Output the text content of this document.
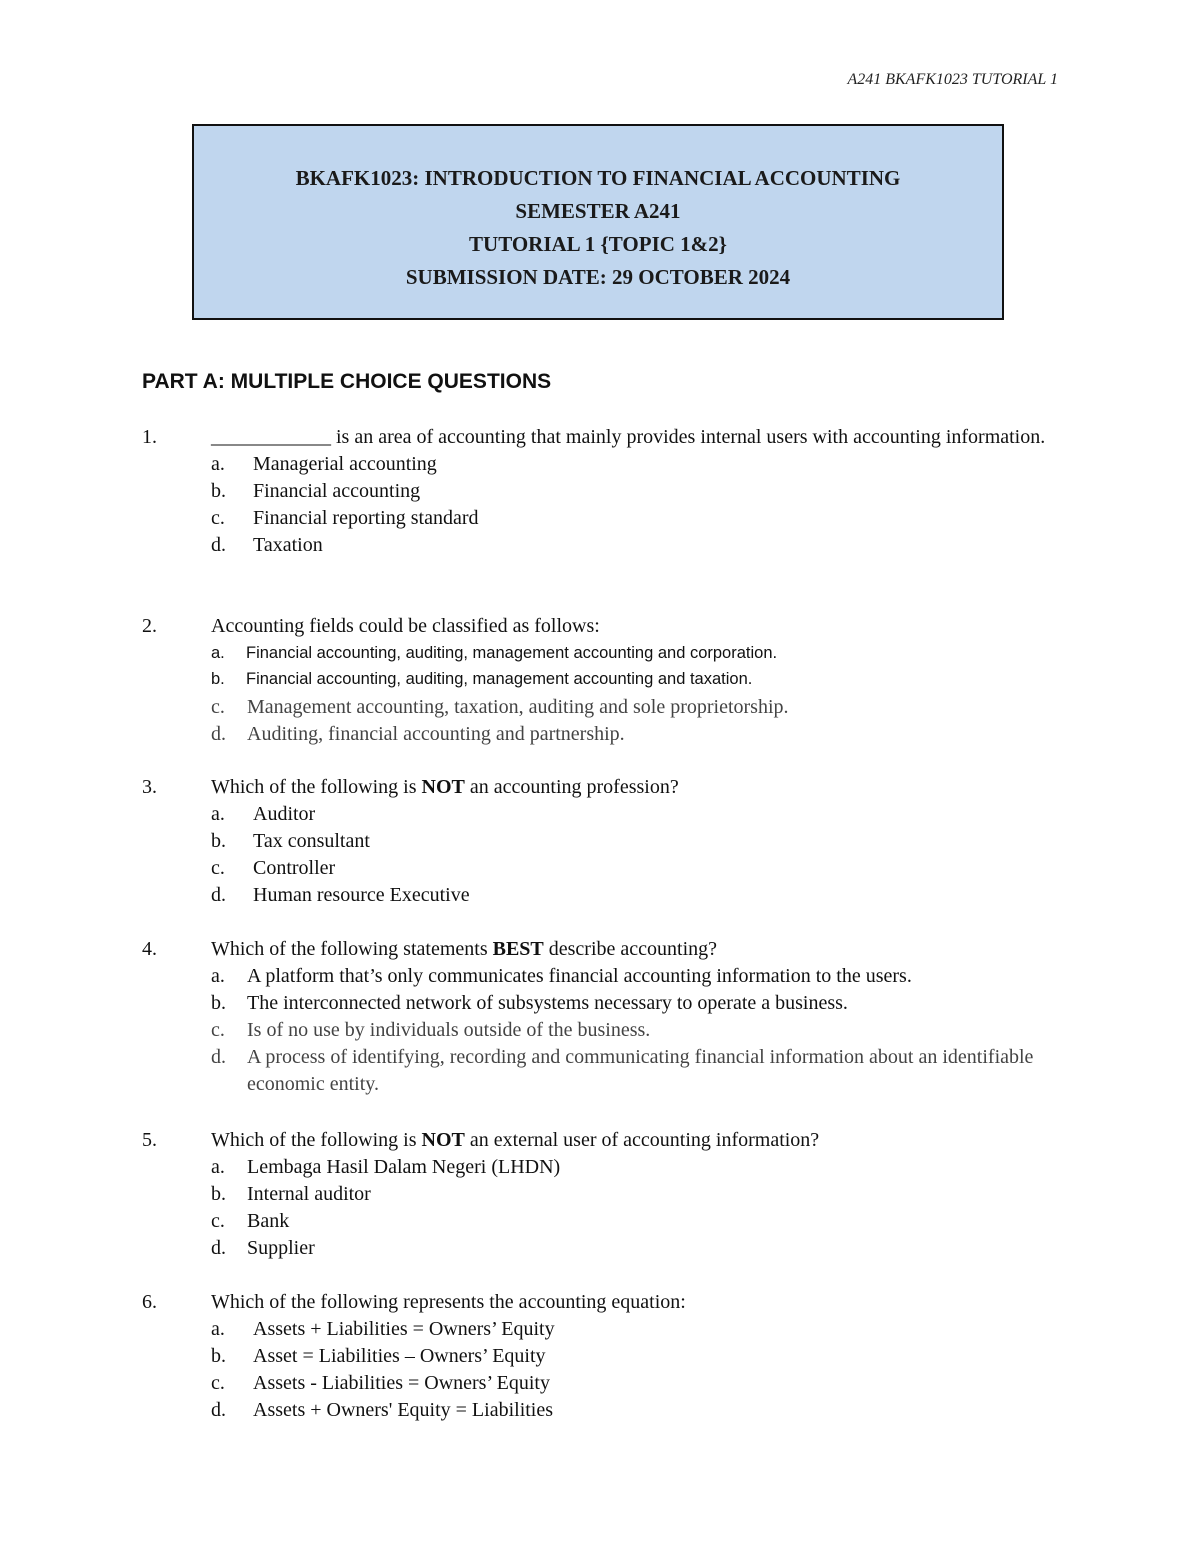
A241 BKAFK1023 TUTORIAL 1
BKAFK1023: INTRODUCTION TO FINANCIAL ACCOUNTING
SEMESTER A241
TUTORIAL 1 {TOPIC 1&2}
SUBMISSION DATE: 29 OCTOBER 2024
PART A: MULTIPLE CHOICE QUESTIONS
1.	____________ is an area of accounting that mainly provides internal users with accounting information.
a.	Managerial accounting
b.	Financial accounting
c.	Financial reporting standard
d.	Taxation
2.	Accounting fields could be classified as follows:
a.	Financial accounting, auditing, management accounting and corporation.
b.	Financial accounting, auditing, management accounting and taxation.
c.	Management accounting, taxation, auditing and sole proprietorship.
d.	Auditing, financial accounting and partnership.
3.	Which of the following is NOT an accounting profession?
a.	Auditor
b.	Tax consultant
c.	Controller
d.	Human resource Executive
4.	Which of the following statements BEST describe accounting?
a.	A platform that’s only communicates financial accounting information to the users.
b.	The interconnected network of subsystems necessary to operate a business.
c.	Is of no use by individuals outside of the business.
d.	A process of identifying, recording and communicating financial information about an identifiable economic entity.
5.	Which of the following is NOT an external user of accounting information?
a.	Lembaga Hasil Dalam Negeri (LHDN)
b.	Internal auditor
c.	Bank
d.	Supplier
6.	Which of the following represents the accounting equation:
a.	Assets + Liabilities = Owners’ Equity
b.	Asset = Liabilities – Owners’ Equity
c.	Assets - Liabilities = Owners’ Equity
d.	Assets + Owners' Equity = Liabilities
